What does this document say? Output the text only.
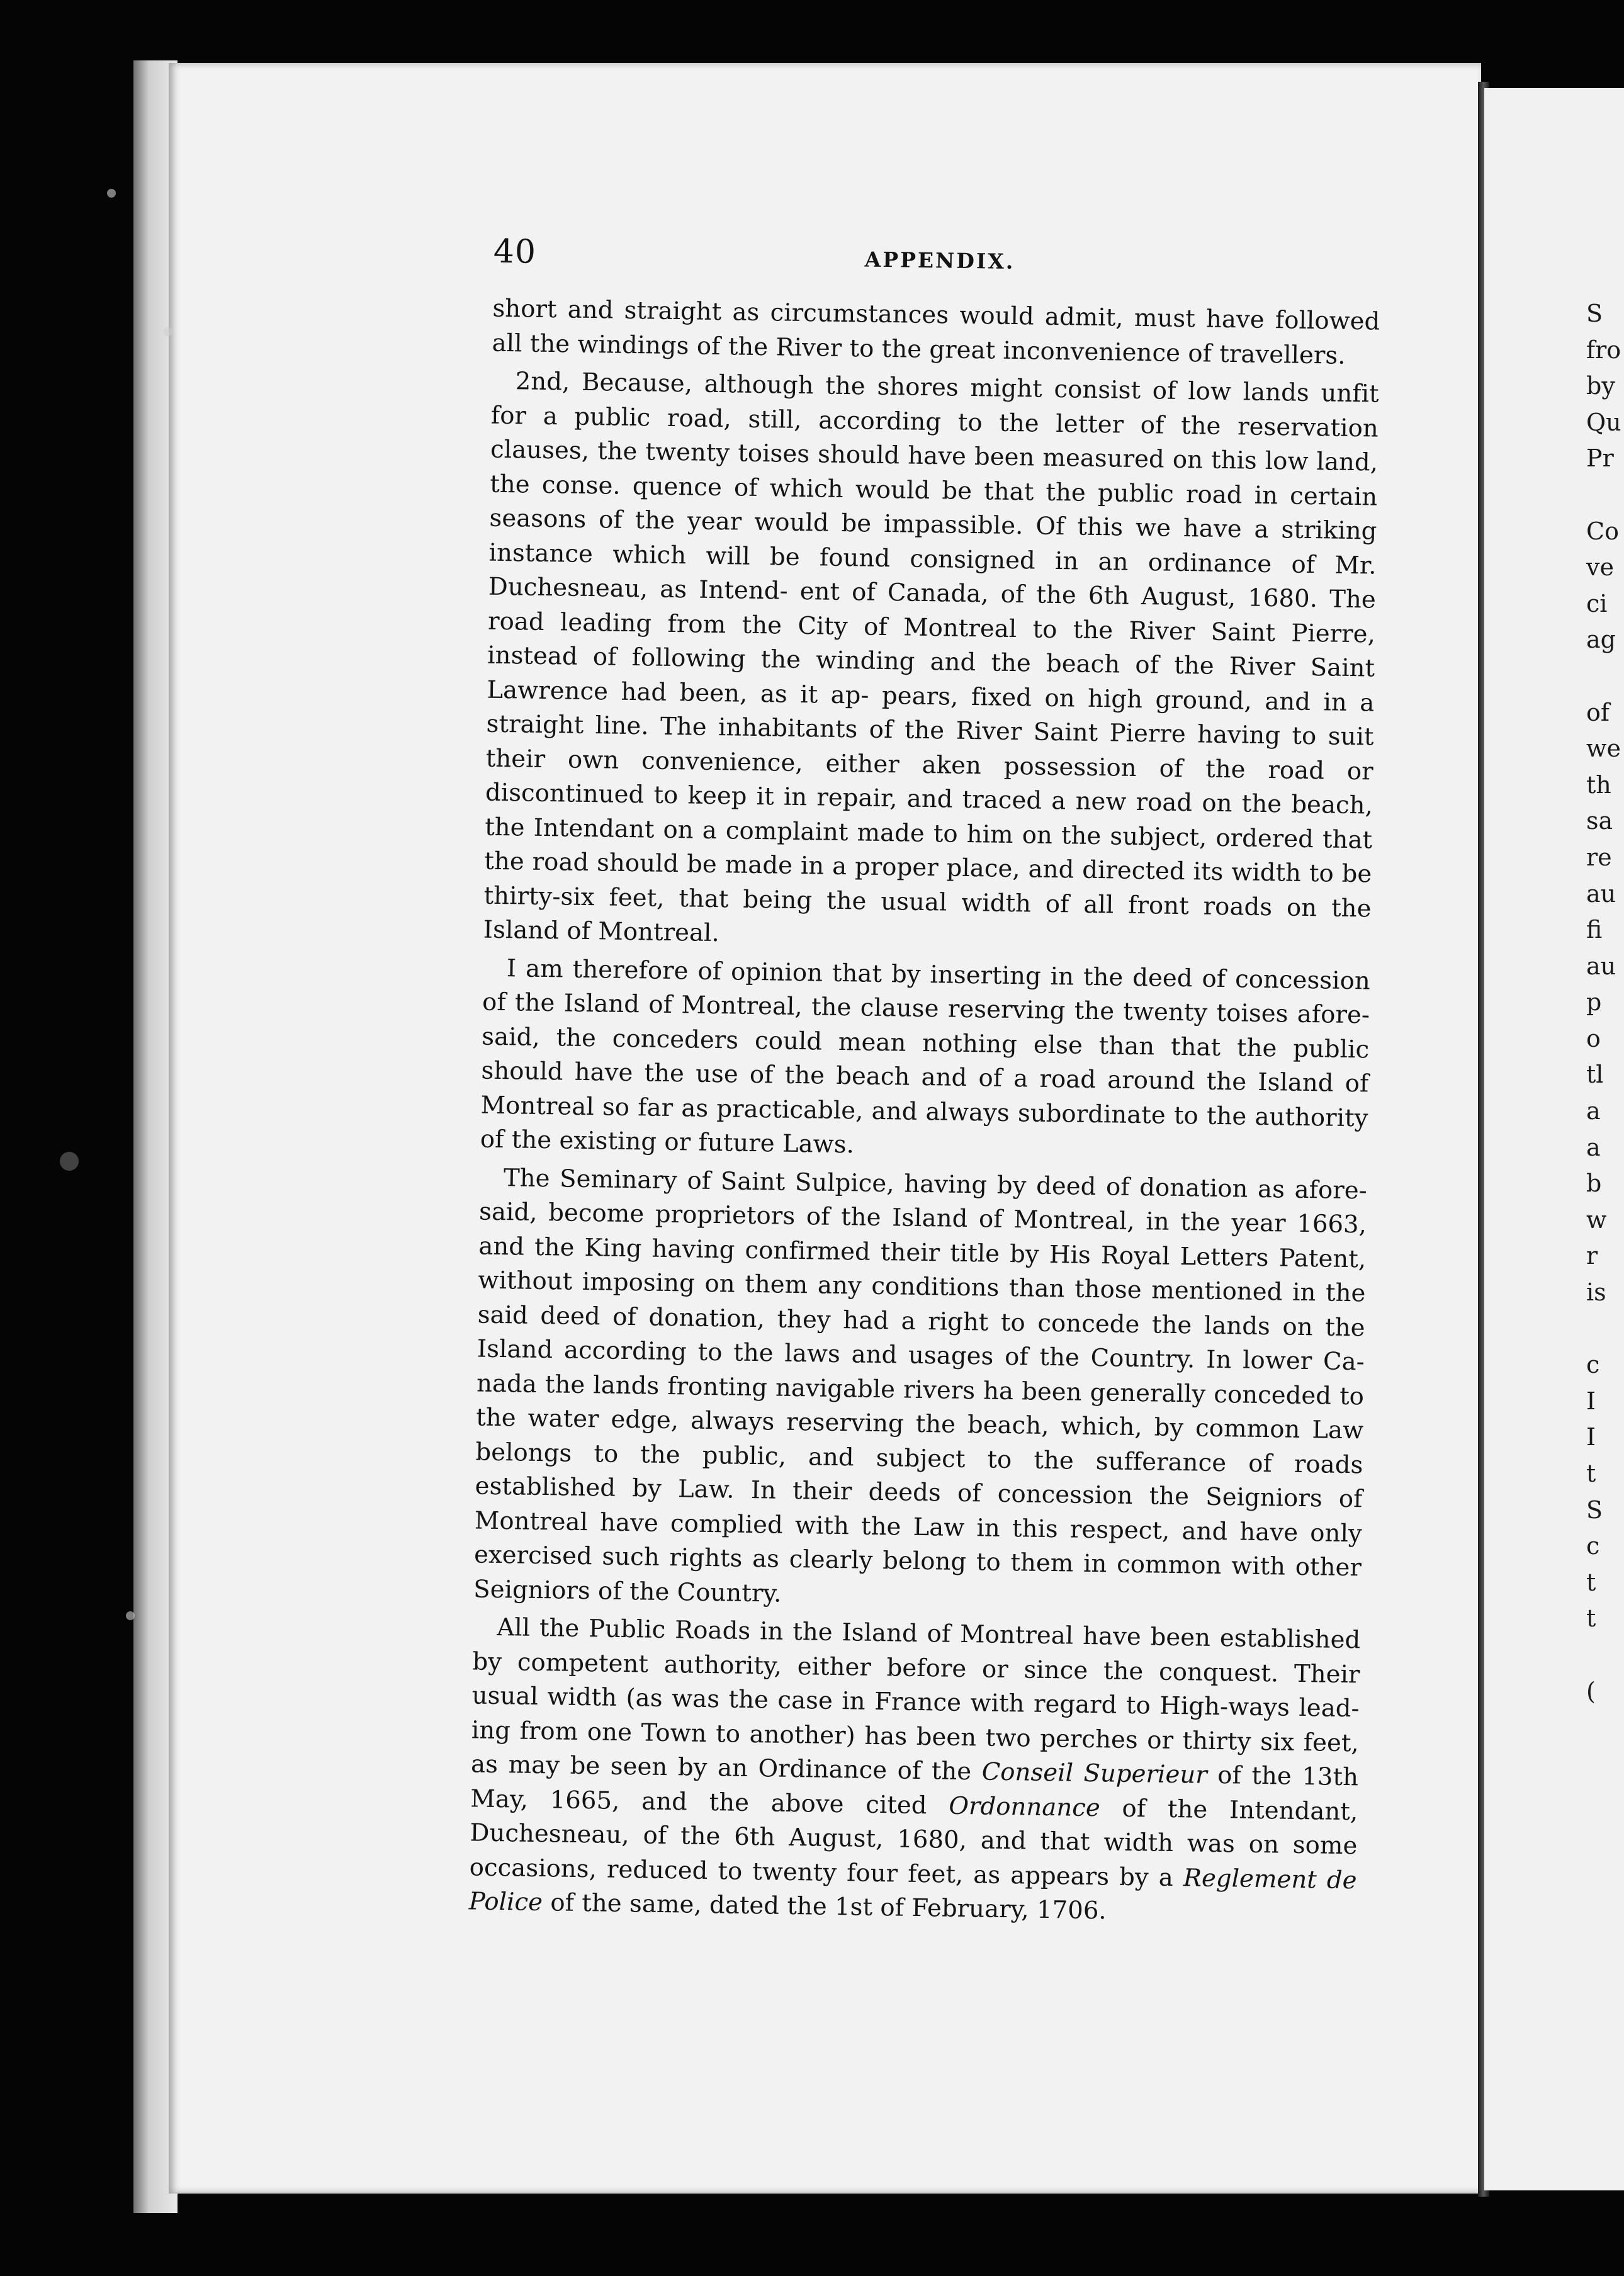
40	APPENDIX.

short and straight as circumstances would admit, must have followed all the windings of the River to the great inconvenience of travellers.

2nd, Because, although the shores might consist of low lands unfit for a public road, still, according to the letter of the reservation clauses, the twenty toises should have been measured on this low land, the conse. quence of which would be that the public road in certain seasons of the year would be impassible. Of this we have a striking instance which will be found consigned in an ordinance of Mr. Duchesneau, as Intend- ent of Canada, of the 6th August, 1680. The road leading from the City of Montreal to the River Saint Pierre, instead of following the winding and the beach of the River Saint Lawrence had been, as it ap- pears, fixed on high ground, and in a straight line. The inhabitants of the River Saint Pierre having to suit their own convenience, either aken possession of the road or discontinued to keep it in repair, and traced a new road on the beach, the Intendant on a complaint made to him on the subject, ordered that the road should be made in a proper place, and directed its width to be thirty-six feet, that being the usual width of all front roads on the Island of Montreal.

I am therefore of opinion that by inserting in the deed of concession of the Island of Montreal, the clause reserving the twenty toises afore- said, the conceders could mean nothing else than that the public should have the use of the beach and of a road around the Island of Montreal so far as practicable, and always subordinate to the authority of the existing or future Laws.

The Seminary of Saint Sulpice, having by deed of donation as afore- said, become proprietors of the Island of Montreal, in the year 1663, and the King having confirmed their title by His Royal Letters Patent, without imposing on them any conditions than those mentioned in the said deed of donation, they had a right to concede the lands on the Island according to the laws and usages of the Country. In lower Ca- nada the lands fronting navigable rivers ha been generally conceded to the water edge, always reserving the beach, which, by common Law belongs to the public, and subject to the sufferance of roads established by Law. In their deeds of concession the Seigniors of Montreal have complied with the Law in this respect, and have only exercised such rights as clearly belong to them in common with other Seigniors of the Country.

All the Public Roads in the Island of Montreal have been established by competent authority, either before or since the conquest. Their usual width (as was the case in France with regard to High-ways lead- ing from one Town to another) has been two perches or thirty six feet, as may be seen by an Ordinance of the Conseil Superieur of the 13th May, 1665, and the above cited Ordonnance of the Intendant, Duchesneau, of the 6th August, 1680, and that width was on some occasions, reduced to twenty four feet, as appears by a Reglement de Police of the same, dated the 1st of February, 1706.

S
fro
by
Qu
Pr
Co
ve
ci
ag
of
we
th
sa
re
au
fi
au
p
o
tl
a
a
b
w
r
is
c
I
I
t
S
c
t
t
(
